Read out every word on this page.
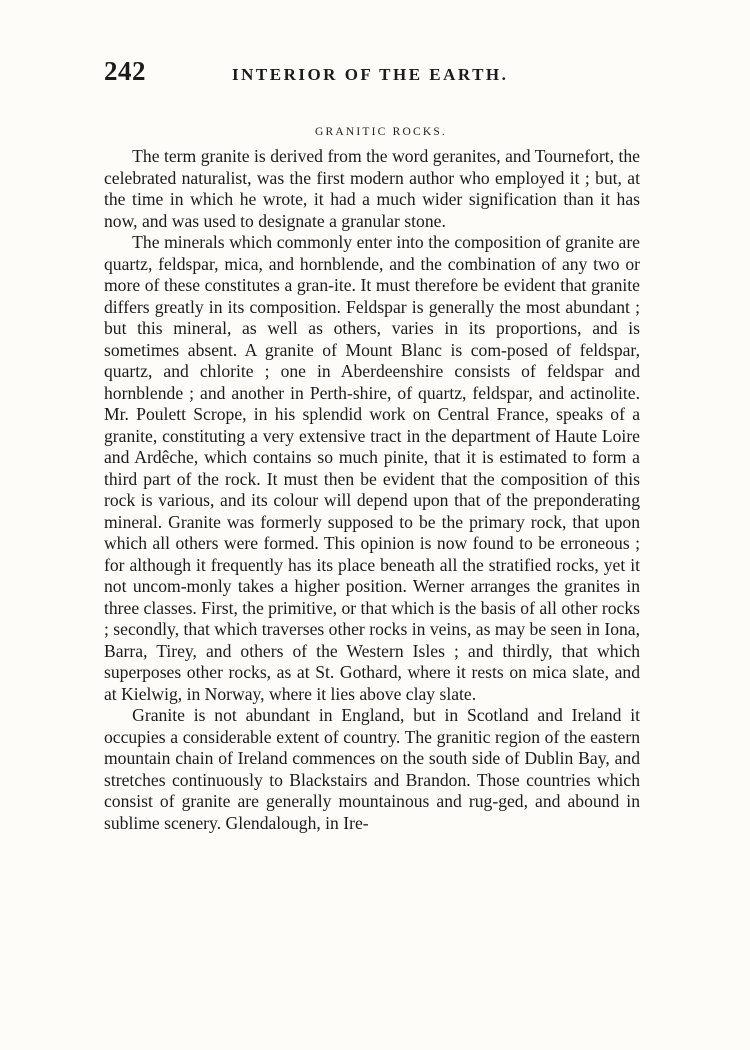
242	INTERIOR OF THE EARTH.
GRANITIC ROCKS.

The term granite is derived from the word geranites, and Tournefort, the celebrated naturalist, was the first modern author who employed it ; but, at the time in which he wrote, it had a much wider signification than it has now, and was used to designate a granular stone.

The minerals which commonly enter into the composition of granite are quartz, feldspar, mica, and hornblende, and the combination of any two or more of these constitutes a gran-ite. It must therefore be evident that granite differs greatly in its composition. Feldspar is generally the most abundant ; but this mineral, as well as others, varies in its proportions, and is sometimes absent. A granite of Mount Blanc is com-posed of feldspar, quartz, and chlorite ; one in Aberdeenshire consists of feldspar and hornblende ; and another in Perth-shire, of quartz, feldspar, and actinolite. Mr. Poulett Scrope, in his splendid work on Central France, speaks of a granite, constituting a very extensive tract in the department of Haute Loire and Ardêche, which contains so much pinite, that it is estimated to form a third part of the rock. It must then be evident that the composition of this rock is various, and its colour will depend upon that of the preponderating mineral. Granite was formerly supposed to be the primary rock, that upon which all others were formed. This opinion is now found to be erroneous ; for although it frequently has its place beneath all the stratified rocks, yet it not uncom-monly takes a higher position. Werner arranges the granites in three classes. First, the primitive, or that which is the basis of all other rocks ; secondly, that which traverses other rocks in veins, as may be seen in Iona, Barra, Tirey, and others of the Western Isles ; and thirdly, that which superposes other rocks, as at St. Gothard, where it rests on mica slate, and at Kielwig, in Norway, where it lies above clay slate.

Granite is not abundant in England, but in Scotland and Ireland it occupies a considerable extent of country. The granitic region of the eastern mountain chain of Ireland commences on the south side of Dublin Bay, and stretches continuously to Blackstairs and Brandon. Those countries which consist of granite are generally mountainous and rug-ged, and abound in sublime scenery. Glendalough, in Ire-
